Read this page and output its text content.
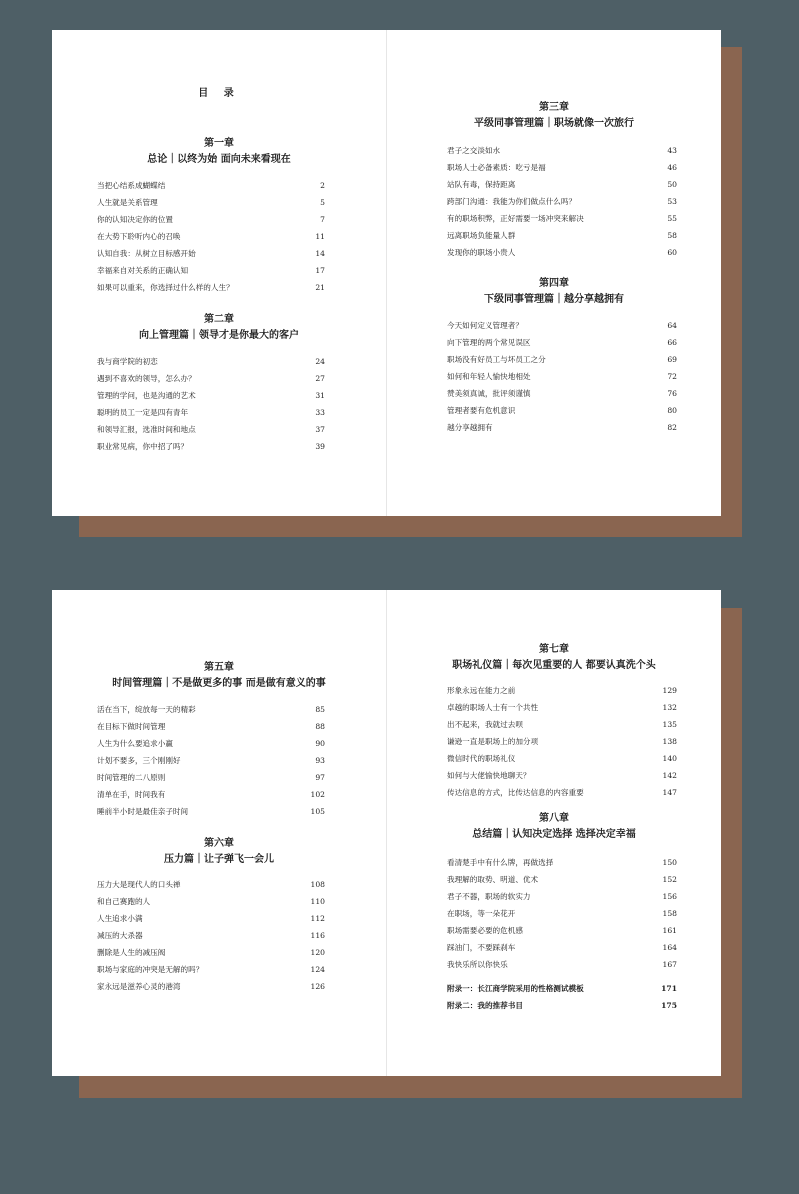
目 录
第一章
总论｜以终为始 面向未来看现在
当把心结系成蝴蝶结	2
人生就是关系管理	5
你的认知决定你的位置	7
在大势下聆听内心的召唤	11
认知自我：从树立目标感开始	14
幸福来自对关系的正确认知	17
如果可以重来，你选择过什么样的人生？	21
第二章
向上管理篇｜领导才是你最大的客户
我与商学院的初恋	24
遇到不喜欢的领导，怎么办？	27
管理的学问，也是沟通的艺术	31
聪明的员工一定是四有青年	33
和领导汇报，选准时间和地点	37
职业常见病，你中招了吗？	39
第三章
平级同事管理篇｜职场就像一次旅行
君子之交淡如水	43
职场人士必备素质：吃亏是福	46
站队有毒，保持距离	50
跨部门沟通：我能为你们做点什么吗？	53
有的职场积弊，正好需要一场冲突来解决	55
远离职场负能量人群	58
发现你的职场小贵人	60
第四章
下级同事管理篇｜越分享越拥有
今天如何定义管理者？	64
向下管理的两个常见误区	66
职场没有好员工与坏员工之分	69
如何和年轻人愉快地相处	72
赞美须真诚，批评须谨慎	76
管理者要有危机意识	80
越分享越拥有	82
第五章
时间管理篇｜不是做更多的事 而是做有意义的事
活在当下，绽放每一天的精彩	85
在目标下做时间管理	88
人生为什么要追求小赢	90
计划不要多，三个刚刚好	93
时间管理的二八原则	97
清单在手，时间我有	102
睡前半小时是最佳亲子时间	105
第六章
压力篇｜让子弹飞一会儿
压力大是现代人的口头禅	108
和自己赛跑的人	110
人生追求小满	112
减压的大杀器	116
删除是人生的减压阀	120
职场与家庭的冲突是无解的吗？	124
家永远是滋养心灵的港湾	126
第七章
职场礼仪篇｜每次见重要的人 都要认真洗个头
形象永远在能力之前	129
卓越的职场人士有一个共性	132
出不起来，我就过去呗	135
谦逊一直是职场上的加分项	138
微信时代的职场礼仪	140
如何与大佬愉快地聊天？	142
传达信息的方式，比传达信息的内容重要	147
第八章
总结篇｜认知决定选择 选择决定幸福
看清楚手中有什么牌，再做选择	150
我理解的取势、明道、优术	152
君子不器，职场的软实力	156
在职场，等一朵花开	158
职场需要必要的危机感	161
踩油门，不要踩刹车	164
我快乐所以你快乐	167
附录一：长江商学院采用的性格测试模板	171
附录二：我的推荐书目	175
